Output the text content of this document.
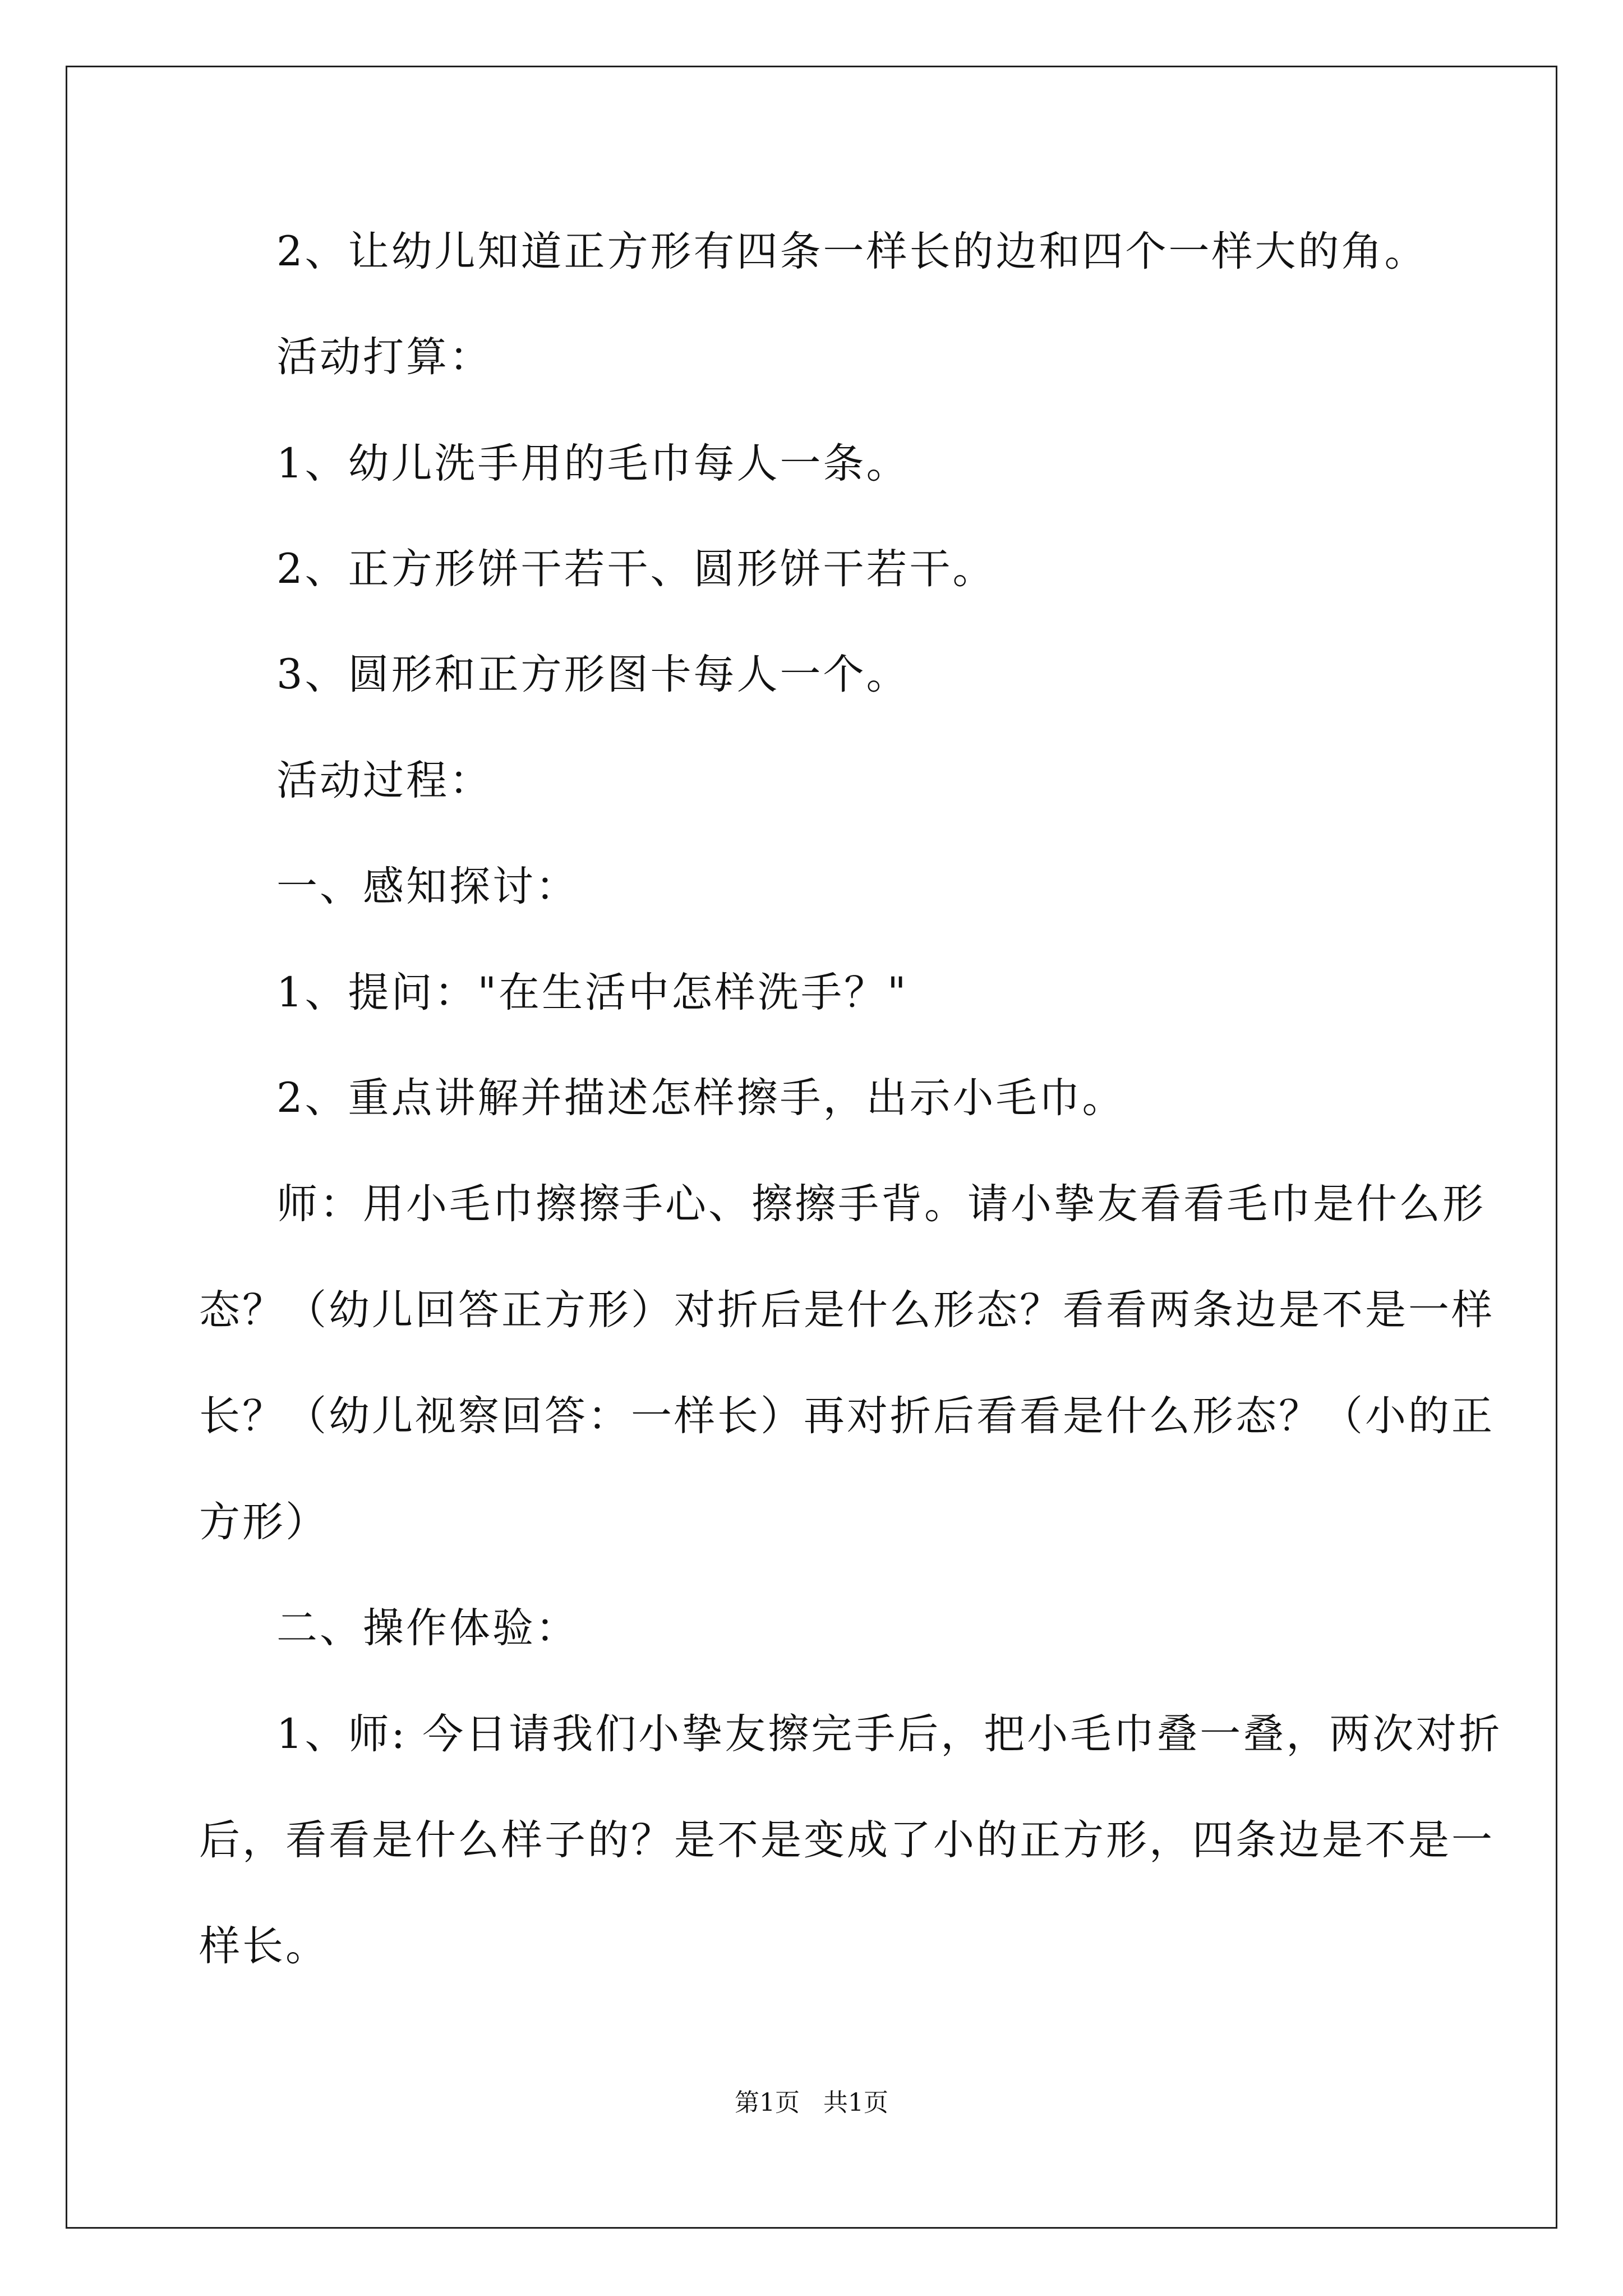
2、让幼儿知道正方形有四条一样长的边和四个一样大的角。
活动打算：
1、幼儿洗手用的毛巾每人一条。
2、正方形饼干若干、圆形饼干若干。
3、圆形和正方形图卡每人一个。
活动过程：
一、感知探讨：
1、提问："在生活中怎样洗手？"
2、重点讲解并描述怎样擦手，出示小毛巾。
师：用小毛巾擦擦手心、擦擦手背。请小挚友看看毛巾是什么形
态？（幼儿回答正方形）对折后是什么形态？看看两条边是不是一样
长？（幼儿视察回答：一样长）再对折后看看是什么形态？（小的正
方形）
二、操作体验：
1、师: 今日请我们小挚友擦完手后，把小毛巾叠一叠，两次对折
后，看看是什么样子的？是不是变成了小的正方形，四条边是不是一
样长。
第1页   共1页
